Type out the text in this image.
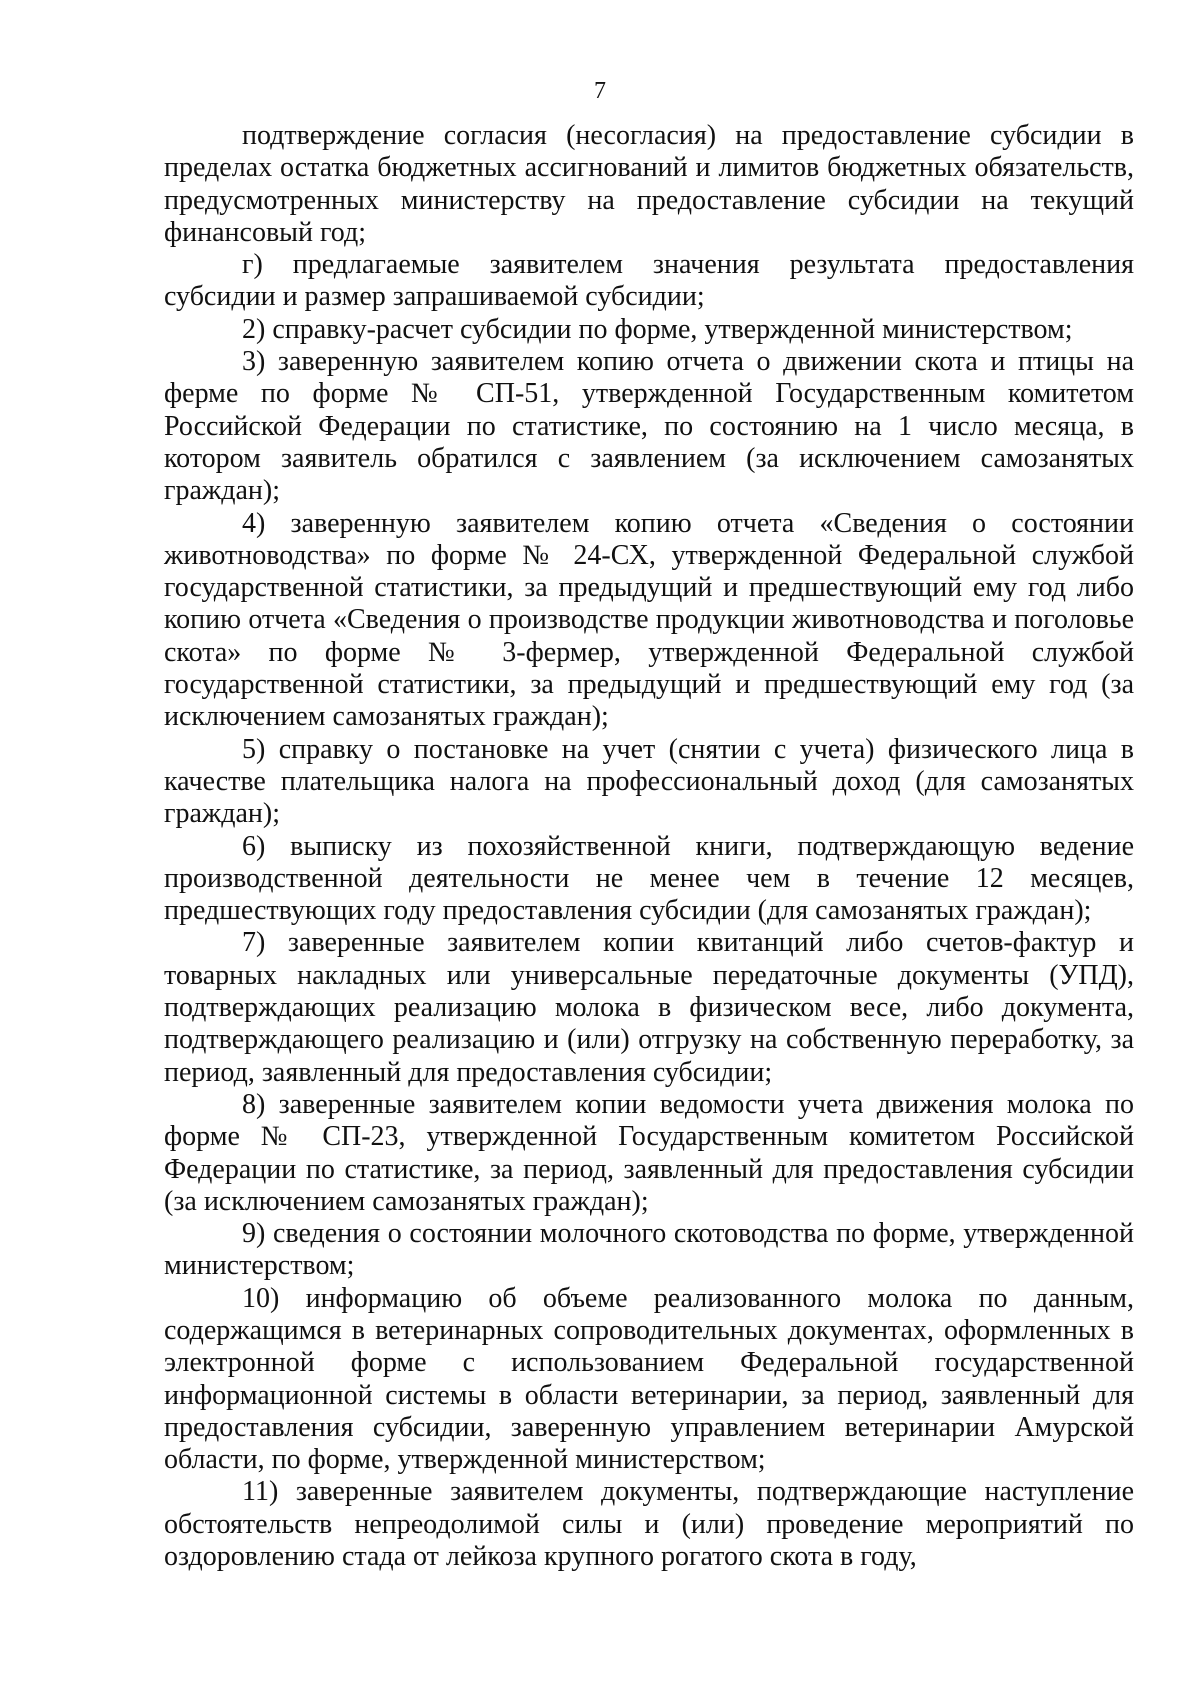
7

подтверждение согласия (несогласия) на предоставление субсидии в пределах остатка бюджетных ассигнований и лимитов бюджетных обязательств, предусмотренных министерству на предоставление субсидии на текущий финансовый год;

г) предлагаемые заявителем значения результата предоставления субсидии и размер запрашиваемой субсидии;

2) справку-расчет субсидии по форме, утвержденной министерством;

3) заверенную заявителем копию отчета о движении скота и птицы на ферме по форме № СП-51, утвержденной Государственным комитетом Российской Федерации по статистике, по состоянию на 1 число месяца, в котором заявитель обратился с заявлением (за исключением самозанятых граждан);

4) заверенную заявителем копию отчета «Сведения о состоянии животноводства» по форме № 24-СХ, утвержденной Федеральной службой государственной статистики, за предыдущий и предшествующий ему год либо копию отчета «Сведения о производстве продукции животноводства и поголовье скота» по форме № 3-фермер, утвержденной Федеральной службой государственной статистики, за предыдущий и предшествующий ему год (за исключением самозанятых граждан);

5) справку о постановке на учет (снятии с учета) физического лица в качестве плательщика налога на профессиональный доход (для самозанятых граждан);

6) выписку из похозяйственной книги, подтверждающую ведение производственной деятельности не менее чем в течение 12 месяцев, предшествующих году предоставления субсидии (для самозанятых граждан);

7) заверенные заявителем копии квитанций либо счетов-фактур и товарных накладных или универсальные передаточные документы (УПД), подтверждающих реализацию молока в физическом весе, либо документа, подтверждающего реализацию и (или) отгрузку на собственную переработку, за период, заявленный для предоставления субсидии;

8) заверенные заявителем копии ведомости учета движения молока по форме № СП-23, утвержденной Государственным комитетом Российской Федерации по статистике, за период, заявленный для предоставления субсидии (за исключением самозанятых граждан);

9) сведения о состоянии молочного скотоводства по форме, утвержденной министерством;

10) информацию об объеме реализованного молока по данным, содержащимся в ветеринарных сопроводительных документах, оформленных в электронной форме с использованием Федеральной государственной информационной системы в области ветеринарии, за период, заявленный для предоставления субсидии, заверенную управлением ветеринарии Амурской области, по форме, утвержденной министерством;

11) заверенные заявителем документы, подтверждающие наступление обстоятельств непреодолимой силы и (или) проведение мероприятий по оздоровлению стада от лейкоза крупного рогатого скота в году,
